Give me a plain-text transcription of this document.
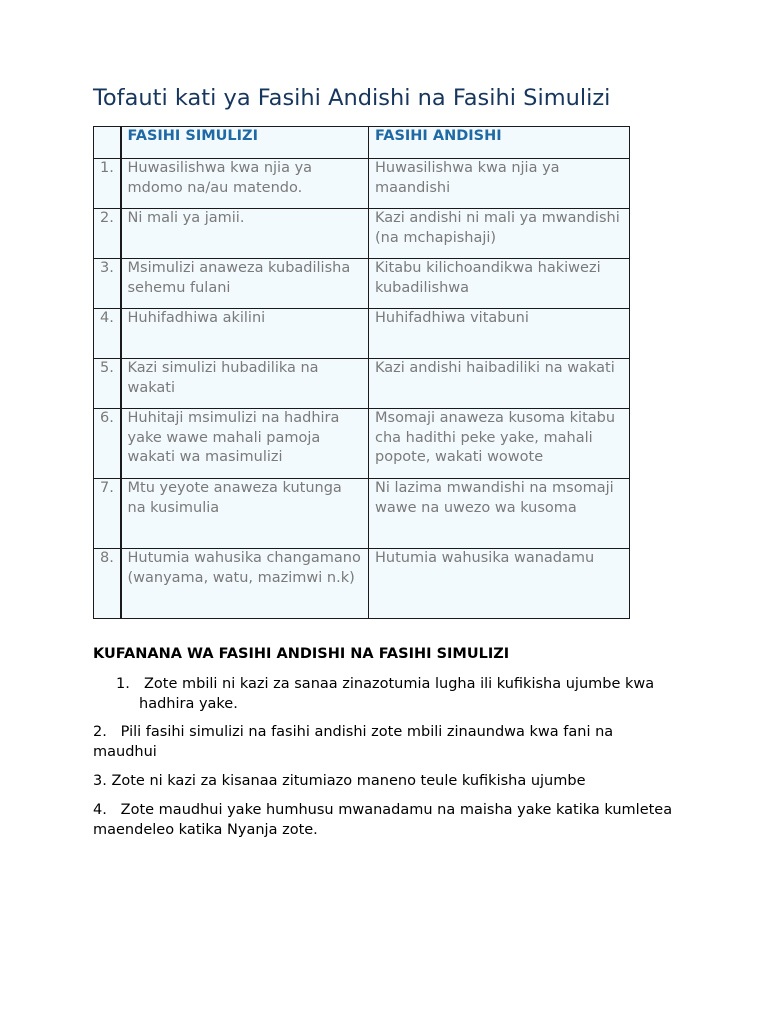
Tofauti kati ya Fasihi Andishi na Fasihi Simulizi
	FASIHI SIMULIZI	FASIHI ANDISHI
1.	Huwasilishwa kwa njia ya mdomo na/au matendo.	Huwasilishwa kwa njia ya maandishi
2.	Ni mali ya jamii.	Kazi andishi ni mali ya mwandishi (na mchapishaji)
3.	Msimulizi anaweza kubadilisha sehemu fulani	Kitabu kilichoandikwa hakiwezi kubadilishwa
4.	Huhifadhiwa akilini	Huhifadhiwa vitabuni
5.	Kazi simulizi hubadilika na wakati	Kazi andishi haibadiliki na wakati
6.	Huhitaji msimulizi na hadhira yake wawe mahali pamoja wakati wa masimulizi	Msomaji anaweza kusoma kitabu cha hadithi peke yake, mahali popote, wakati wowote
7.	Mtu yeyote anaweza kutunga na kusimulia	Ni lazima mwandishi na msomaji wawe na uwezo wa kusoma
8.	Hutumia wahusika changamano (wanyama, watu, mazimwi n.k)	Hutumia wahusika wanadamu

KUFANANA WA FASIHI ANDISHI NA FASIHI SIMULIZI

1. Zote mbili ni kazi za sanaa zinazotumia lugha ili kufikisha ujumbe kwa hadhira yake.

2.   Pili fasihi simulizi na fasihi andishi zote mbili zinaundwa kwa fani na maudhui

3. Zote ni kazi za kisanaa zitumiazo maneno teule kufikisha ujumbe

4.   Zote maudhui yake humhusu mwanadamu na maisha yake katika kumletea maendeleo katika Nyanja zote.
